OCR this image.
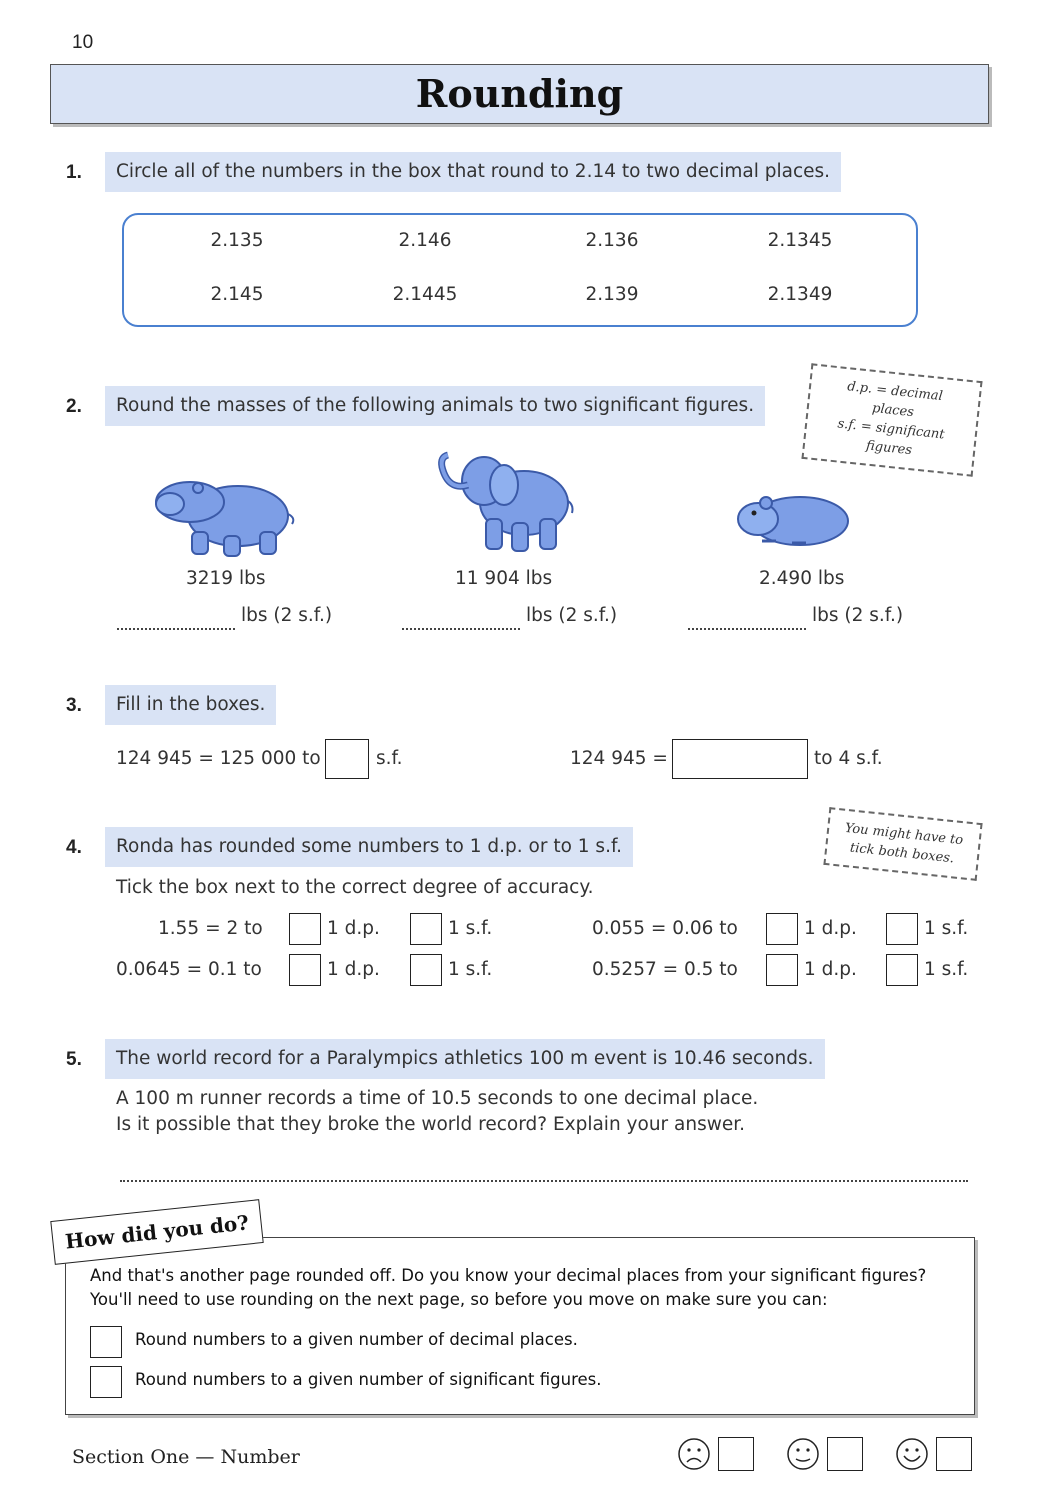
10
Rounding
1.	Circle all of the numbers in the box that round to 2.14 to two decimal places.
2.135	2.146	2.136	2.1345
2.145	2.1445	2.139	2.1349
d.p. = decimal places
s.f. = significant figures
2.	Round the masses of the following animals to two significant figures.
3219 lbs	11 904 lbs	2.490 lbs
lbs (2 s.f.)	lbs (2 s.f.)	lbs (2 s.f.)
3.	Fill in the boxes.
124 945 = 125 000 to	s.f.	124 945 =	to 4 s.f.
You might have to
tick both boxes.
4.	Ronda has rounded some numbers to 1 d.p. or to 1 s.f.
Tick the box next to the correct degree of accuracy.
1.55 = 2 to	1 d.p.	1 s.f.	0.055 = 0.06 to	1 d.p.	1 s.f.
0.0645 = 0.1 to	1 d.p.	1 s.f.	0.5257 = 0.5 to	1 d.p.	1 s.f.
5.	The world record for a Paralympics athletics 100 m event is 10.46 seconds.
A 100 m runner records a time of 10.5 seconds to one decimal place.
Is it possible that they broke the world record? Explain your answer.
How did you do?
And that's another page rounded off. Do you know your decimal places from your significant figures?
You'll need to use rounding on the next page, so before you move on make sure you can:
Round numbers to a given number of decimal places.
Round numbers to a given number of significant figures.
Section One — Number
